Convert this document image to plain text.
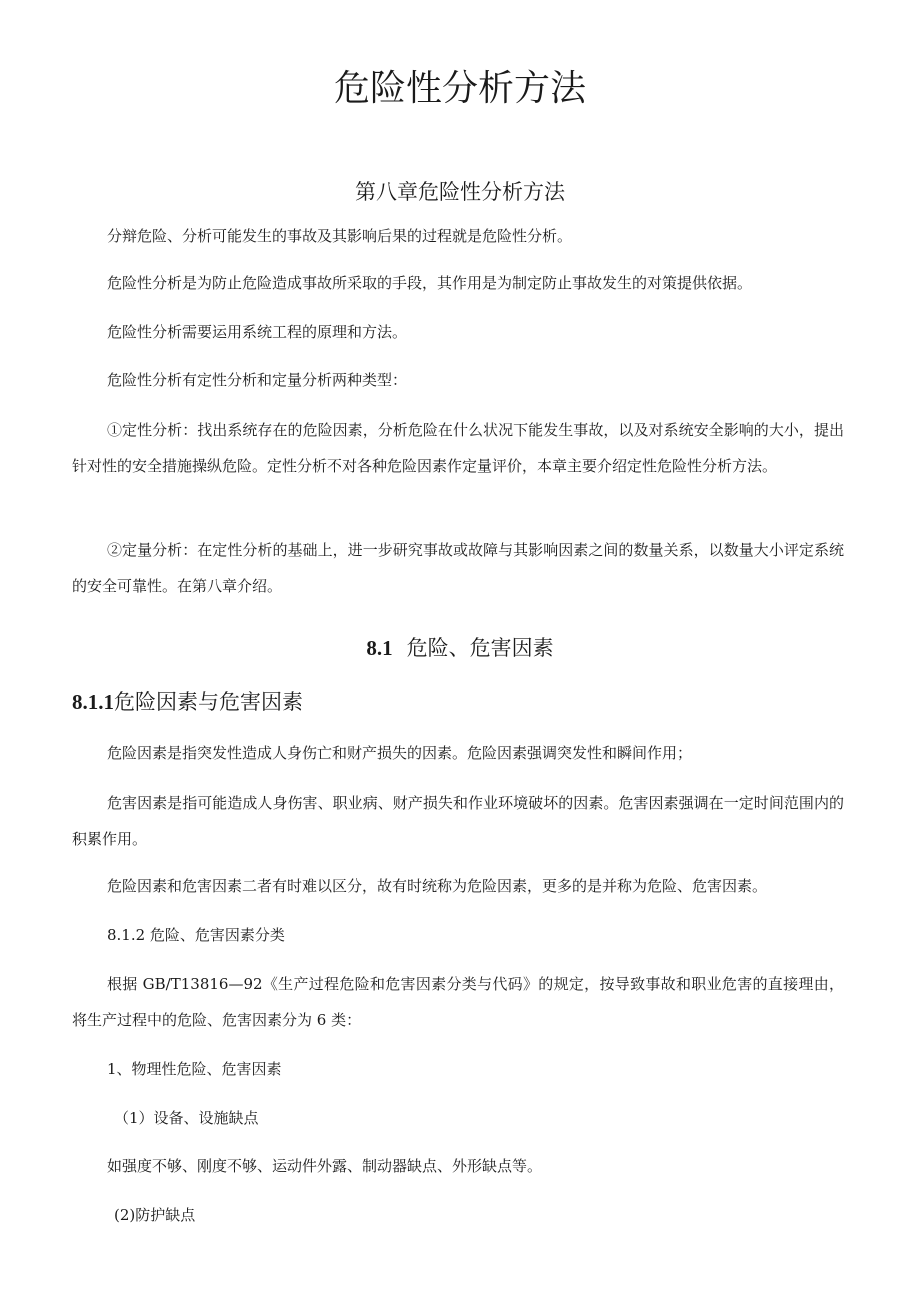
危险性分析方法
第八章危险性分析方法

分辩危险、分析可能发生的事故及其影响后果的过程就是危险性分析。

危险性分析是为防止危险造成事故所采取的手段，其作用是为制定防止事故发生的对策提供依据。

危险性分析需要运用系统工程的原理和方法。

危险性分析有定性分析和定量分析两种类型：

①定性分析：找出系统存在的危险因素，分析危险在什么状况下能发生事故，以及对系统安全影响的大小，提出针对性的安全措施操纵危险。定性分析不对各种危险因素作定量评价，本章主要介绍定性危险性分析方法。

②定量分析：在定性分析的基础上，进一步研究事故或故障与其影响因素之间的数量关系，以数量大小评定系统的安全可靠性。在第八章介绍。

8.1 危险、危害因素
8.1.1危险因素与危害因素

危险因素是指突发性造成人身伤亡和财产损失的因素。危险因素强调突发性和瞬间作用；

危害因素是指可能造成人身伤害、职业病、财产损失和作业环境破坏的因素。危害因素强调在一定时间范围内的积累作用。

危险因素和危害因素二者有时难以区分，故有时统称为危险因素，更多的是并称为危险、危害因素。

8.1.2 危险、危害因素分类

根据 GB/T13816—92《生产过程危险和危害因素分类与代码》的规定，按导致事故和职业危害的直接理由，将生产过程中的危险、危害因素分为 6 类：

1、物理性危险、危害因素

（1）设备、设施缺点

如强度不够、刚度不够、运动件外露、制动器缺点、外形缺点等。

(2)防护缺点
